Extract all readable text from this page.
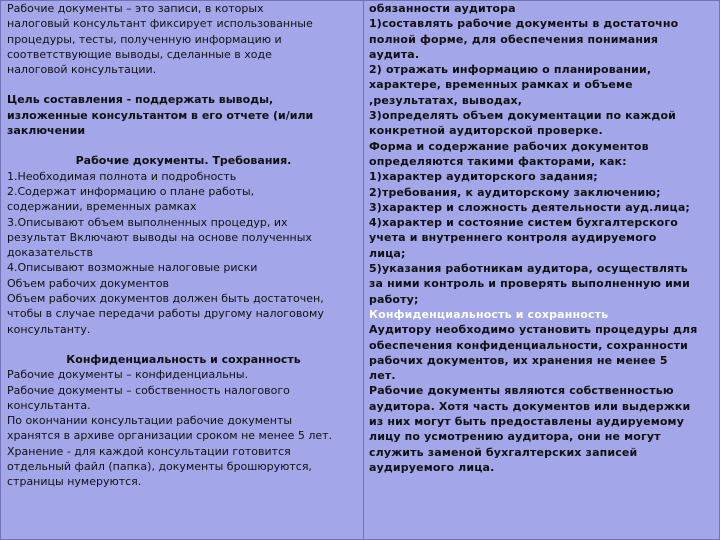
Рабочие документы – это записи, в которых
налоговый консультант фиксирует использованные
процедуры, тесты, полученную информацию и
соответствующие выводы, сделанные в ходе
налоговой консультации.
Цель составления - поддержать выводы,
изложенные консультантом в его отчете (и/или
заключении
Рабочие документы. Требования.
1.Необходимая полнота и подробность
2.Содержат информацию о плане работы,
содержании, временных рамках
3.Описывают объем выполненных процедур, их
результат Включают выводы на основе полученных
доказательств
4.Описывают возможные налоговые риски
Объем рабочих документов
Объем рабочих документов должен быть достаточен,
чтобы в случае передачи работы другому налоговому
консультанту.
Конфиденциальность и сохранность
Рабочие документы – конфиденциальны.
Рабочие документы – собственность налогового
консультанта.
По окончании консультации рабочие документы
хранятся в архиве организации сроком не менее 5 лет.
Хранение - для каждой консультации готовится
отдельный файл (папка), документы брошюруются,
страницы нумеруются.
обязанности аудитора
1)составлять рабочие документы в достаточно
полной форме, для обеспечения понимания
аудита.
2) отражать информацию о планировании,
характере, временных рамках и объеме
,результатах, выводах,
3)определять объем документации по каждой
конкретной аудиторской проверке.
Форма и содержание рабочих документов
определяются такими факторами, как:
1)характер аудиторского задания;
2)требования, к аудиторскому заключению;
3)характер и сложность деятельности ауд.лица;
4)характер и состояние систем бухгалтерского
учета и внутреннего контроля аудируемого
лица;
5)указания работникам аудитора, осуществлять
за ними контроль и проверять выполненную ими
работу;
Конфиденциальность и сохранность
Аудитору необходимо установить процедуры для
обеспечения конфиденциальности, сохранности
рабочих документов, их хранения не менее 5
лет.
Рабочие документы являются собственностью
аудитора. Хотя часть документов или выдержки
из них могут быть предоставлены аудируемому
лицу по усмотрению аудитора, они не могут
служить заменой бухгалтерских записей
аудируемого лица.
